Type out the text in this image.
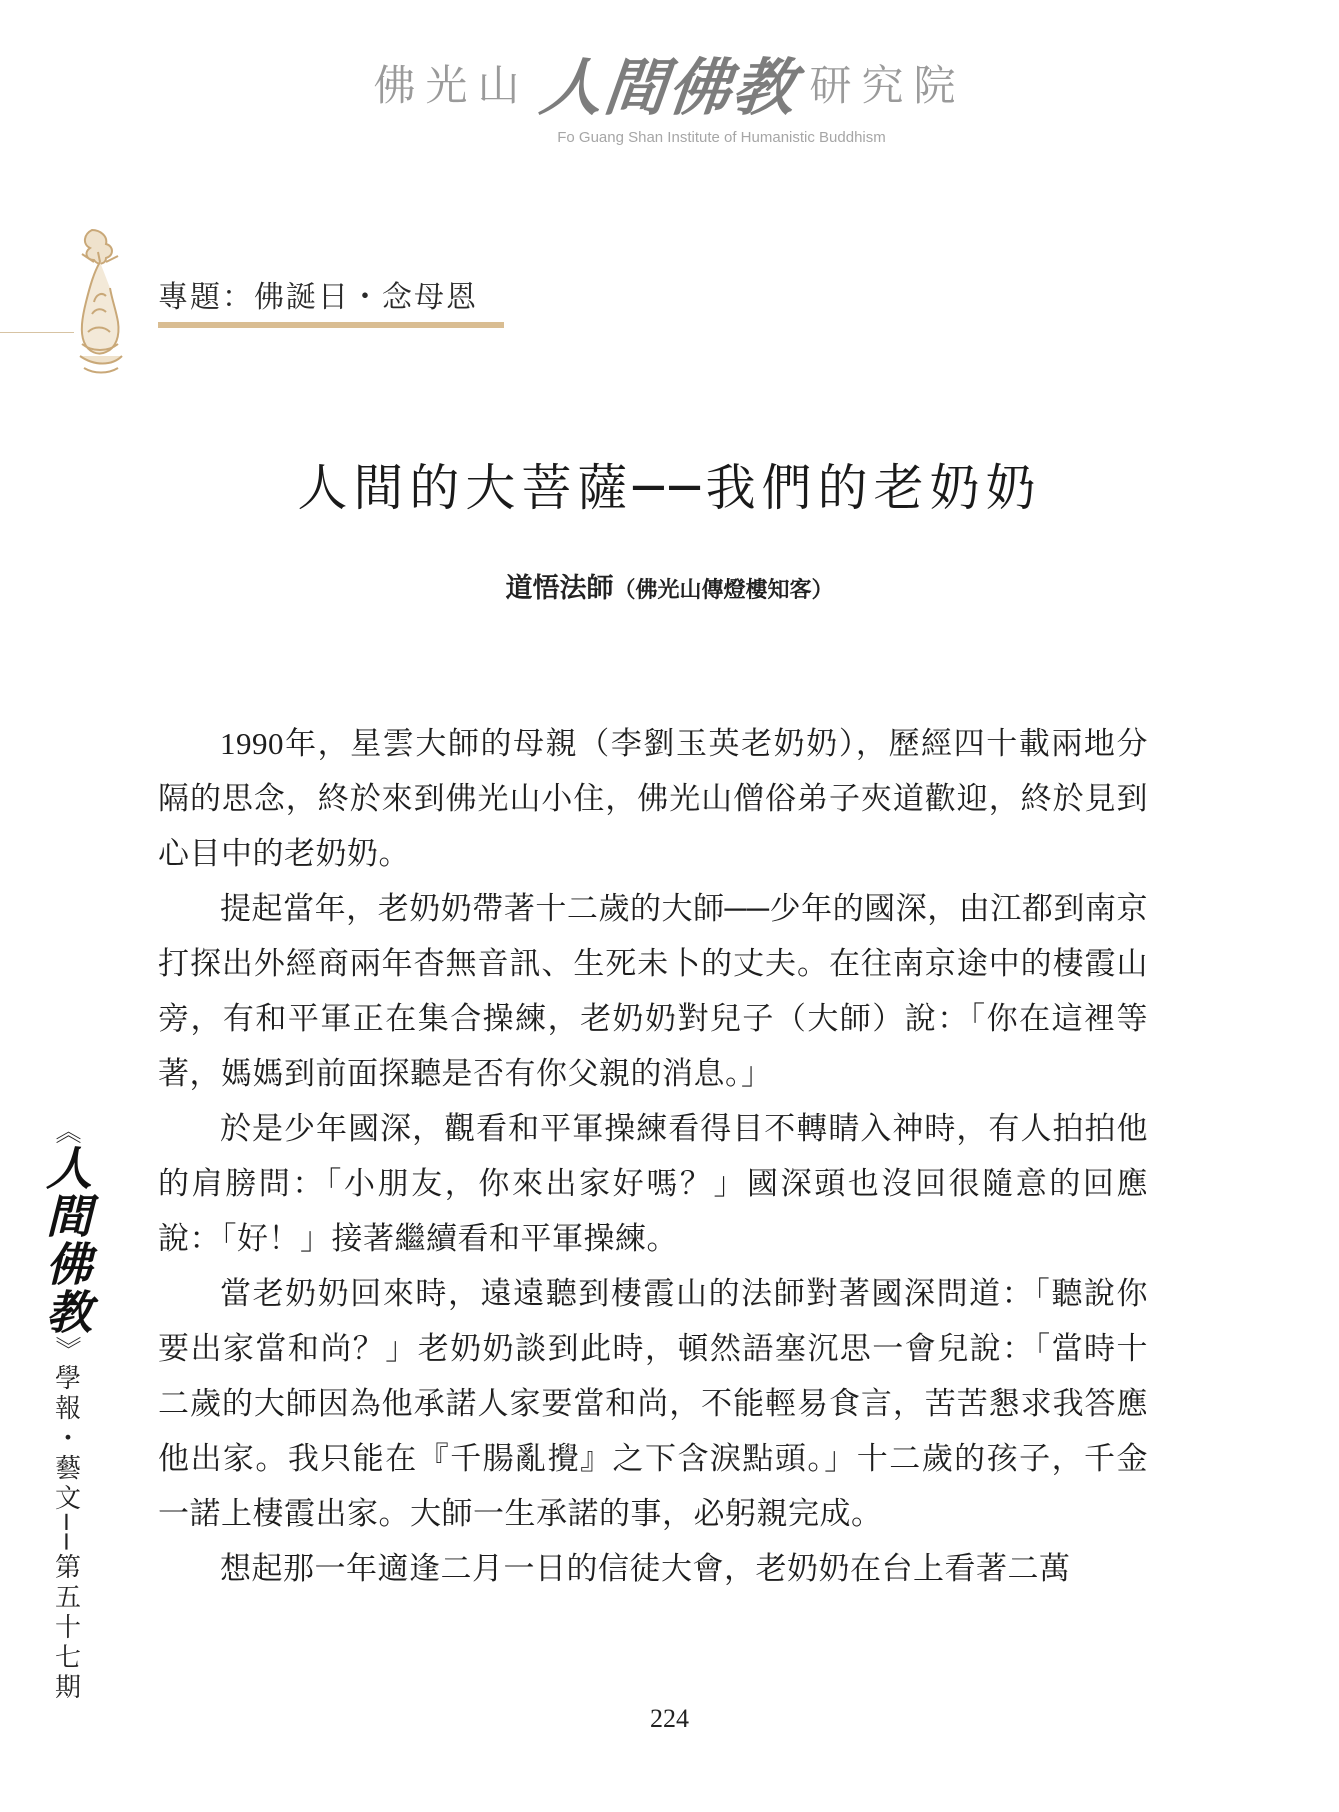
佛光山 人間佛教 研究院
Fo Guang Shan Institute of Humanistic Buddhism
專題：佛誕日・念母恩
人間的大菩薩──我們的老奶奶
道悟法師（佛光山傳燈樓知客）

1990年，星雲大師的母親（李劉玉英老奶奶），歷經四十載兩地分隔的思念，終於來到佛光山小住，佛光山僧俗弟子夾道歡迎，終於見到心目中的老奶奶。

提起當年，老奶奶帶著十二歲的大師──少年的國深，由江都到南京打探出外經商兩年杳無音訊、生死未卜的丈夫。在往南京途中的棲霞山旁，有和平軍正在集合操練，老奶奶對兒子（大師）說：「你在這裡等著，媽媽到前面探聽是否有你父親的消息。」

於是少年國深，觀看和平軍操練看得目不轉睛入神時，有人拍拍他的肩膀問：「小朋友，你來出家好嗎？」國深頭也沒回很隨意的回應說：「好！」接著繼續看和平軍操練。

當老奶奶回來時，遠遠聽到棲霞山的法師對著國深問道：「聽說你要出家當和尚？」老奶奶談到此時，頓然語塞沉思一會兒說：「當時十二歲的大師因為他承諾人家要當和尚，不能輕易食言，苦苦懇求我答應他出家。我只能在『千腸亂攪』之下含淚點頭。」十二歲的孩子，千金一諾上棲霞出家。大師一生承諾的事，必躬親完成。

想起那一年適逢二月一日的信徒大會，老奶奶在台上看著二萬

《
人間佛教
》
學報・藝文──第五十七期
224
